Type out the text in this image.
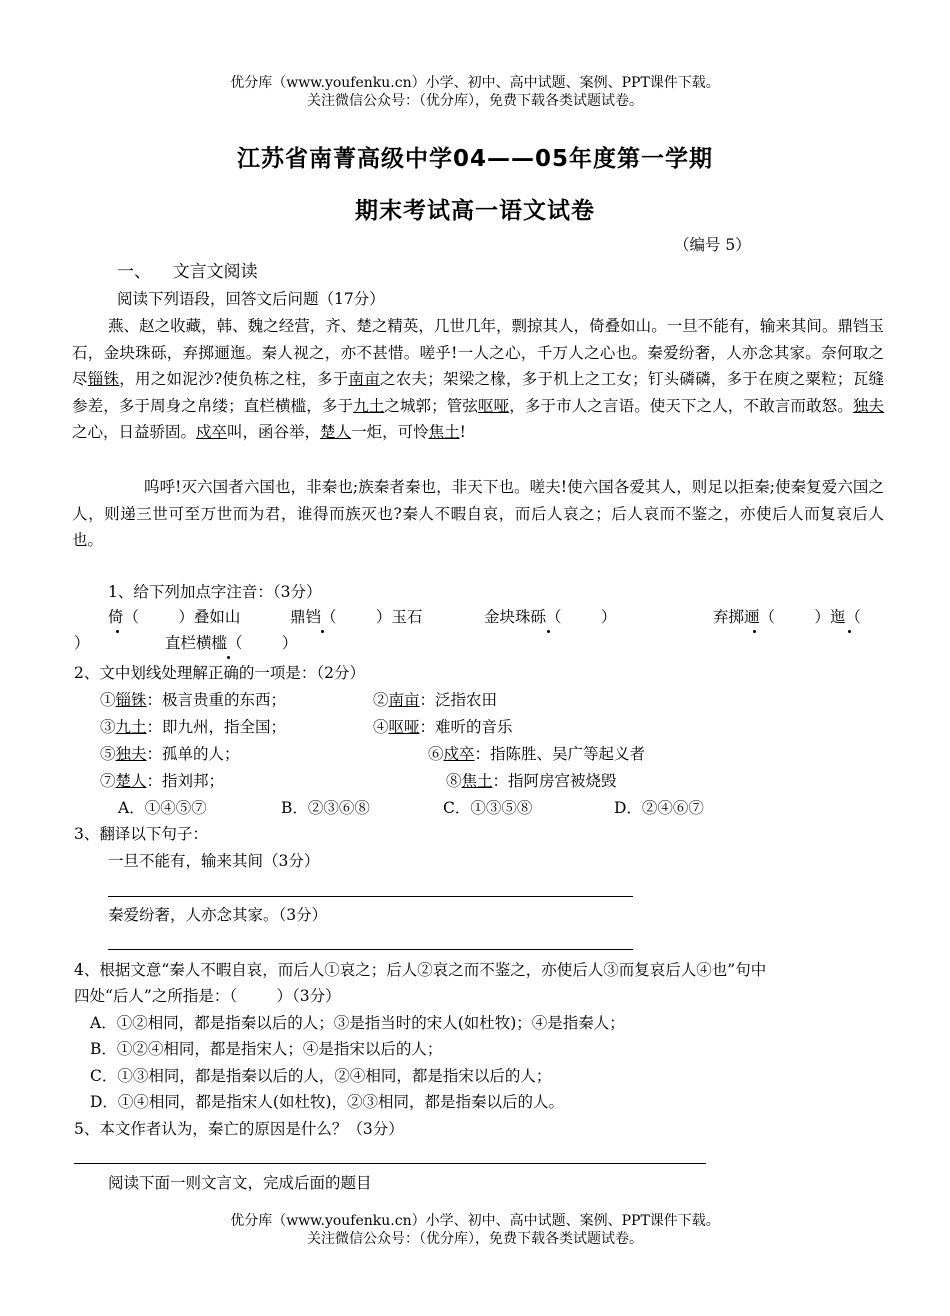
优分库（www.youfenku.cn）小学、初中、高中试题、案例、PPT课件下载。
关注微信公众号：（优分库），免费下载各类试题试卷。
江苏省南菁高级中学04——05年度第一学期
期末考试高一语文试卷
（编号 5）
一、    文言文阅读
阅读下列语段，回答文后问题（17分）
燕、赵之收藏，韩、魏之经营，齐、楚之精英，几世几年，剽掠其人，倚叠如山。一旦不能有，输来其间。鼎铛玉石，金块珠砾，弃掷逦迤。秦人视之，亦不甚惜。嗟乎!一人之心，千万人之心也。秦爱纷奢，人亦念其家。奈何取之尽锱铢，用之如泥沙?使负栋之柱，多于南亩之农夫；架梁之椽，多于机上之工女；钉头磷磷，多于在庾之粟粒；瓦缝参差，多于周身之帛缕；直栏横槛，多于九土之城郭；管弦呕哑，多于市人之言语。使天下之人，不敢言而敢怒。独夫之心，日益骄固。戍卒叫，函谷举，楚人一炬，可怜焦土!
呜呼!灭六国者六国也，非秦也;族秦者秦也，非天下也。嗟夫!使六国各爱其人，则足以拒秦;使秦复爱六国之人，则递三世可至万世而为君，谁得而族灭也?秦人不暇自哀，而后人哀之；后人哀而不鉴之，亦使后人而复哀后人也。
1、给下列加点字注音：（3分）
倚（        ）叠如山	鼎铛（        ）玉石	金块珠砾（        ）	弃掷逦（        ）迤（
）	直栏横槛（        ）
2、文中划线处理解正确的一项是：（2分）
①锱铢：极言贵重的东西；	②南亩：泛指农田
③九土：即九州，指全国；	④呕哑：难听的音乐
⑤独夫：孤单的人；	⑥戍卒：指陈胜、吴广等起义者
⑦楚人：指刘邦；	⑧焦土：指阿房宫被烧毁
A．①④⑤⑦	B．②③⑥⑧	C．①③⑤⑧	D．②④⑥⑦
3、翻译以下句子：
一旦不能有，输来其间（3分）
秦爱纷奢，人亦念其家。（3分）
4、根据文意“秦人不暇自哀，而后人①哀之；后人②哀之而不鉴之，亦使后人③而复哀后人④也”句中
四处“后人”之所指是：（        ）（3分）
A．①②相同，都是指秦以后的人；③是指当时的宋人(如杜牧)；④是指秦人；
B．①②④相同，都是指宋人；④是指宋以后的人；
C．①③相同，都是指秦以后的人，②④相同，都是指宋以后的人；
D．①④相同，都是指宋人(如杜牧)，②③相同，都是指秦以后的人。
5、本文作者认为，秦亡的原因是什么？（3分）
阅读下面一则文言文，完成后面的题目
优分库（www.youfenku.cn）小学、初中、高中试题、案例、PPT课件下载。
关注微信公众号：（优分库），免费下载各类试题试卷。
